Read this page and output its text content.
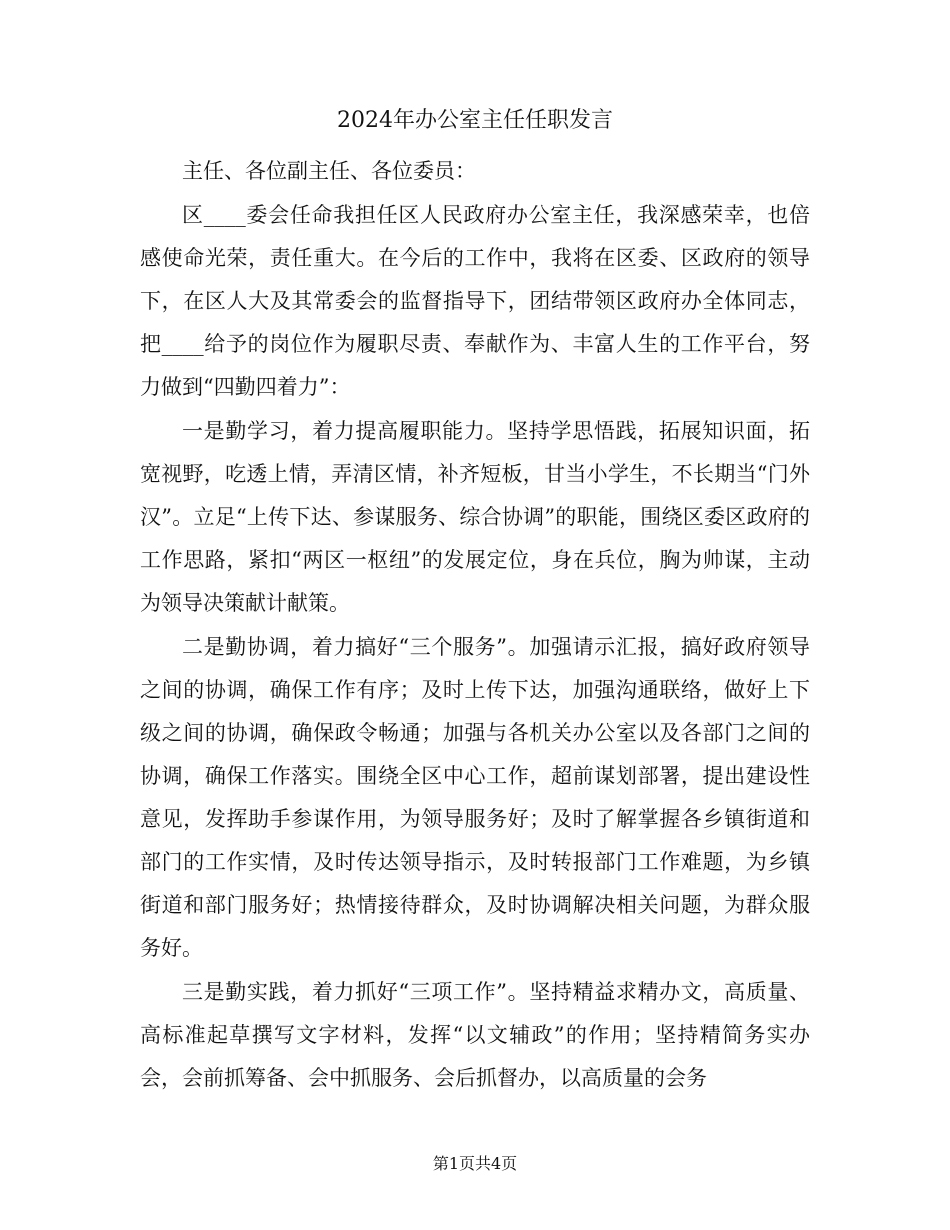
2024年办公室主任任职发言

主任、各位副主任、各位委员：

区____委会任命我担任区人民政府办公室主任，我深感荣幸，也倍感使命光荣，责任重大。在今后的工作中，我将在区委、区政府的领导下，在区人大及其常委会的监督指导下，团结带领区政府办全体同志，把____给予的岗位作为履职尽责、奉献作为、丰富人生的工作平台，努力做到“四勤四着力”：

一是勤学习，着力提高履职能力。坚持学思悟践，拓展知识面，拓宽视野，吃透上情，弄清区情，补齐短板，甘当小学生，不长期当“门外汉”。立足“上传下达、参谋服务、综合协调”的职能，围绕区委区政府的工作思路，紧扣“两区一枢纽”的发展定位，身在兵位，胸为帅谋，主动为领导决策献计献策。

二是勤协调，着力搞好“三个服务”。加强请示汇报，搞好政府领导之间的协调，确保工作有序；及时上传下达，加强沟通联络，做好上下级之间的协调，确保政令畅通；加强与各机关办公室以及各部门之间的协调，确保工作落实。围绕全区中心工作，超前谋划部署，提出建设性意见，发挥助手参谋作用，为领导服务好；及时了解掌握各乡镇街道和部门的工作实情，及时传达领导指示，及时转报部门工作难题，为乡镇街道和部门服务好；热情接待群众，及时协调解决相关问题，为群众服务好。

三是勤实践，着力抓好“三项工作”。坚持精益求精办文，高质量、高标准起草撰写文字材料，发挥“以文辅政”的作用；坚持精简务实办会，会前抓筹备、会中抓服务、会后抓督办，以高质量的会务

第1页共4页
